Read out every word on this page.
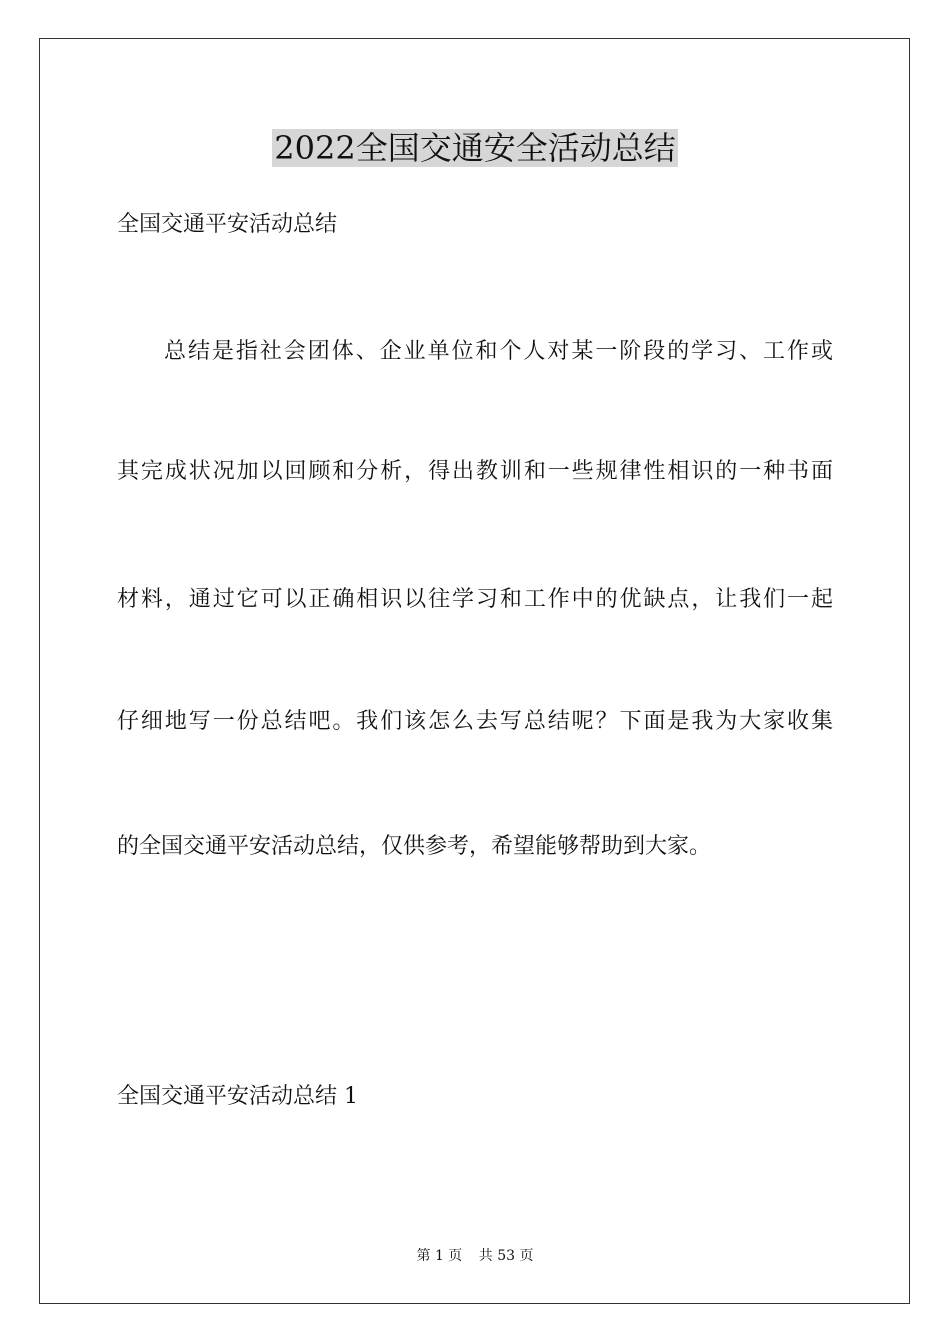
2022全国交通安全活动总结

全国交通平安活动总结

总结是指社会团体、企业单位和个人对某一阶段的学习、工作或

其完成状况加以回顾和分析，得出教训和一些规律性相识的一种书面

材料，通过它可以正确相识以往学习和工作中的优缺点，让我们一起

仔细地写一份总结吧。我们该怎么去写总结呢？下面是我为大家收集

的全国交通平安活动总结，仅供参考，希望能够帮助到大家。

全国交通平安活动总结 1

第 1 页 共 53 页
